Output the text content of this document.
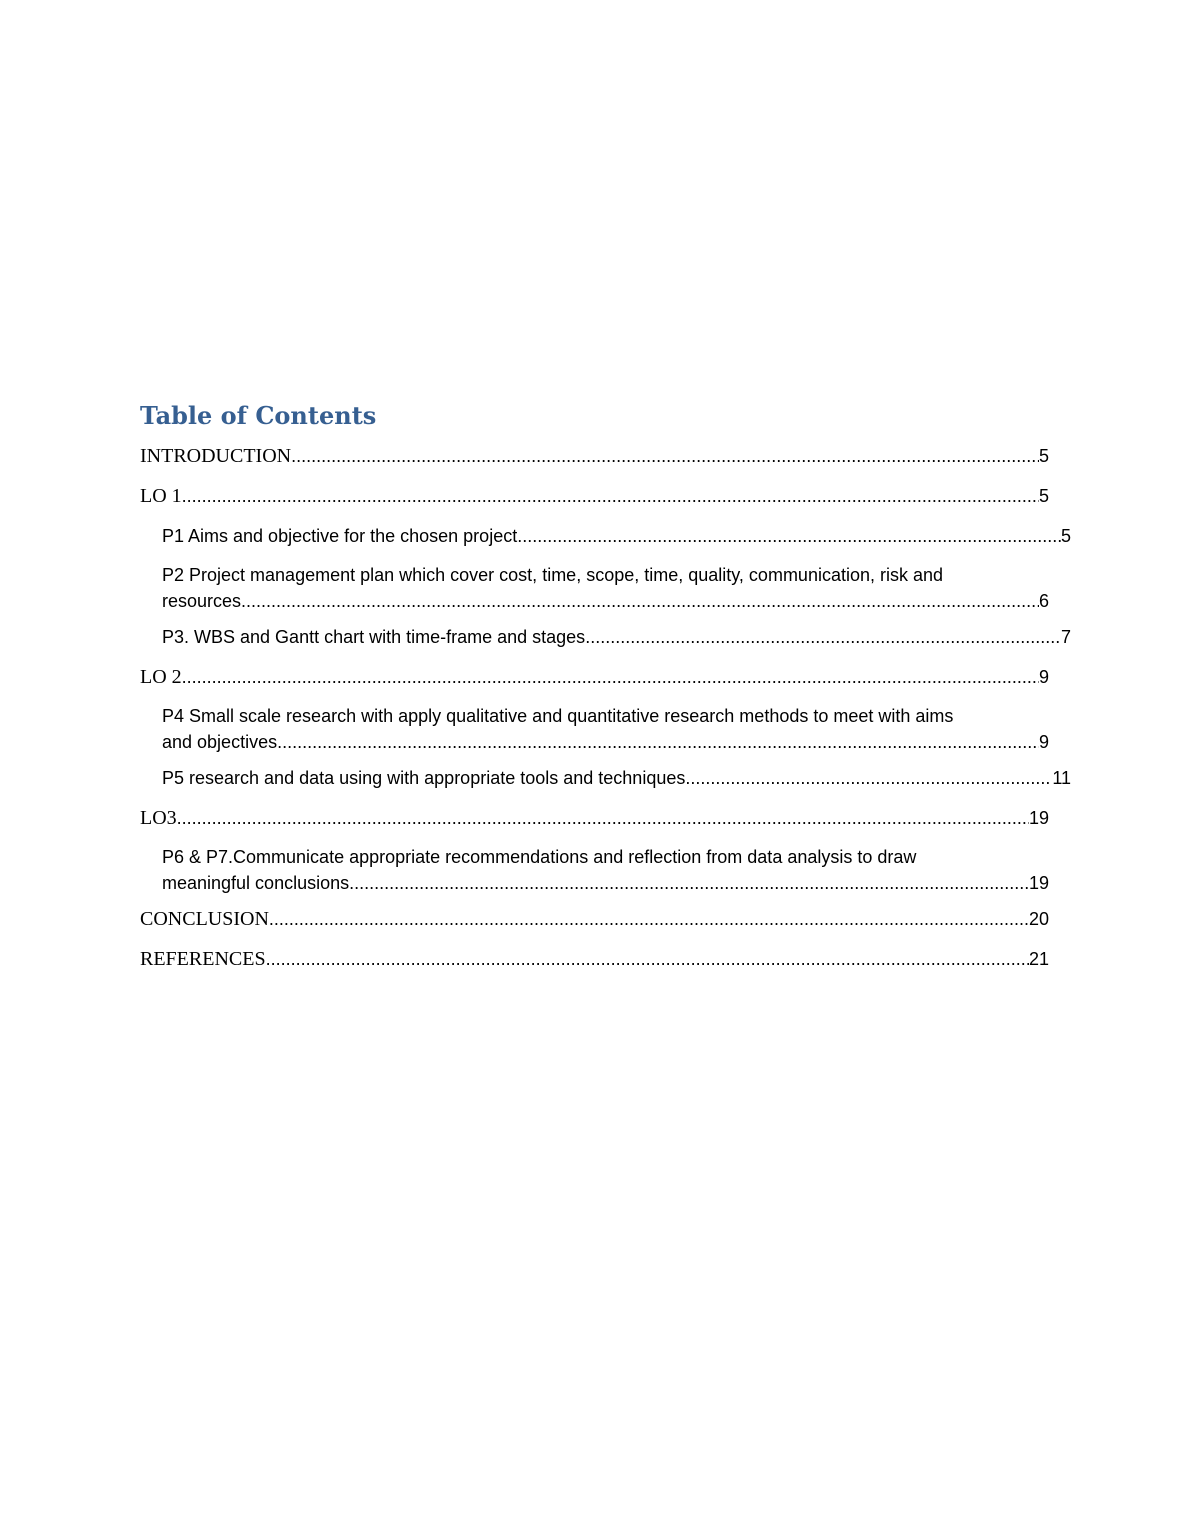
Table of Contents
INTRODUCTION .....	5
LO 1 .....	5
P1 Aims and objective for the chosen project .....	5
P2 Project management plan which cover cost, time, scope, time, quality, communication, risk and
resources .....	6
P3. WBS and Gantt chart with time-frame and stages .....	7
LO 2 .....	9
P4 Small scale research with apply qualitative and quantitative research methods to meet with aims
and objectives .....	9
P5 research and data using with appropriate tools and techniques .....	11
LO3 .....	19
P6 & P7.Communicate appropriate recommendations and reflection from data analysis to draw
meaningful conclusions .....	19
CONCLUSION .....	20
REFERENCES .....	21
